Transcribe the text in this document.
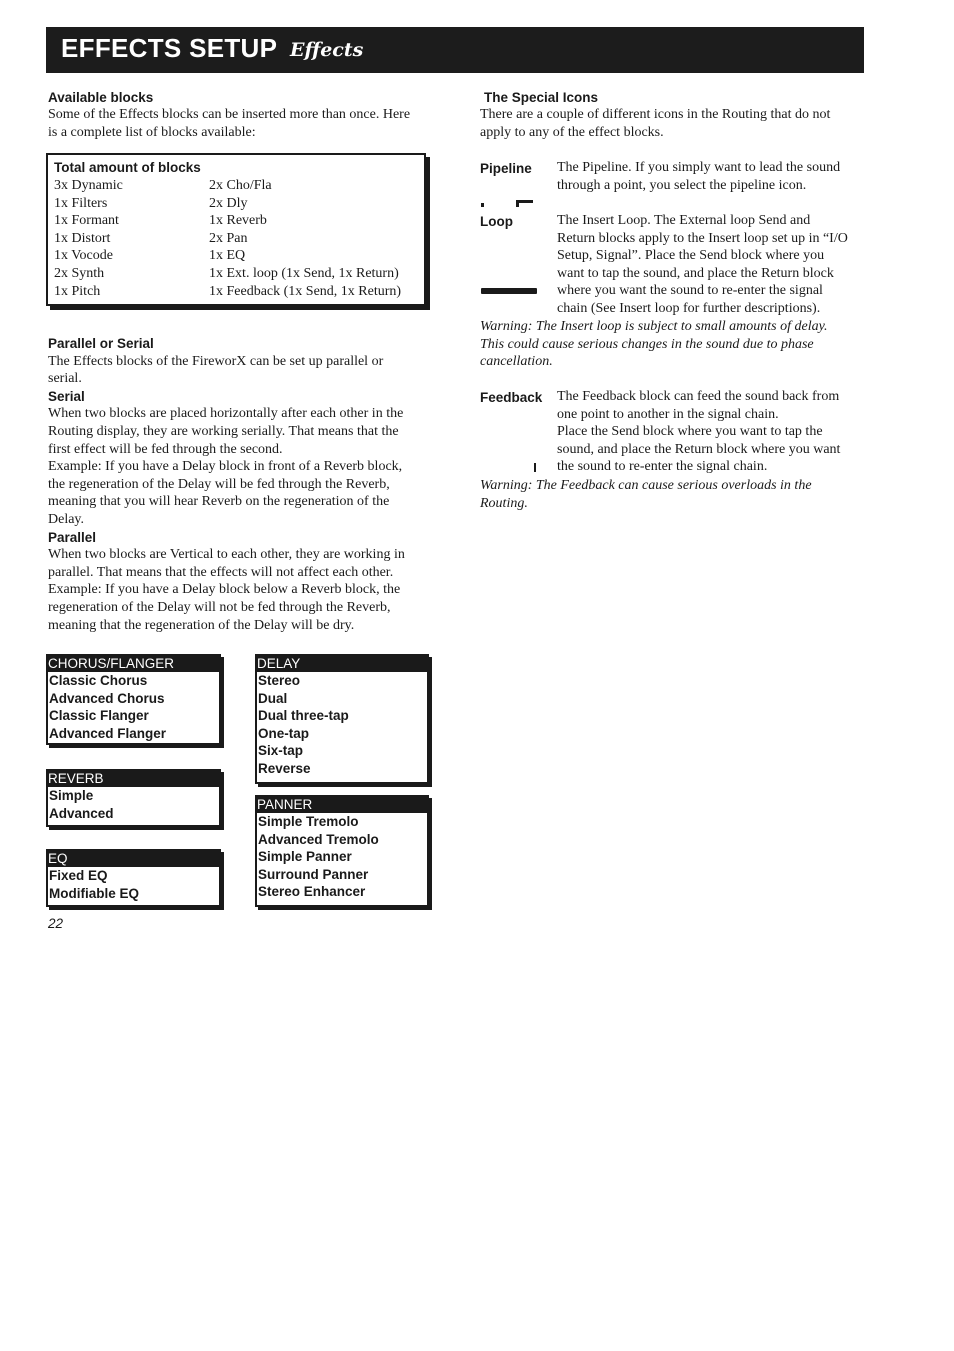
EFFECTS SETUP Effects
Available blocks
Some of the Effects blocks can be inserted more than once. Here
is a complete list of blocks available:
Total amount of blocks
3x Dynamic
1x Filters
1x Formant
1x Distort
1x Vocode
2x Synth
1x Pitch
2x Cho/Fla
2x Dly
1x Reverb
2x Pan
1x EQ
1x Ext. loop (1x Send, 1x Return)
1x Feedback (1x Send, 1x Return)
Parallel or Serial
The Effects blocks of the FireworX can be set up parallel or
serial.
Serial
When two blocks are placed horizontally after each other in the
Routing display, they are working serially. That means that the
first effect will be fed through the second.
Example: If you have a Delay block in front of a Reverb block,
the regeneration of the Delay will be fed through the Reverb,
meaning that you will hear Reverb on the regeneration of the
Delay.
Parallel
When two blocks are Vertical to each other, they are working in
parallel. That means that the effects will not affect each other.
Example: If you have a Delay block below a Reverb block, the
regeneration of the Delay will not be fed through the Reverb,
meaning that the regeneration of the Delay will be dry.
CHORUS/FLANGER
Classic Chorus
Advanced Chorus
Classic Flanger
Advanced Flanger
REVERB
Simple
Advanced
EQ
Fixed EQ
Modifiable EQ
DELAY
Stereo
Dual
Dual three-tap
One-tap
Six-tap
Reverse
PANNER
Simple Tremolo
Advanced Tremolo
Simple Panner
Surround Panner
Stereo Enhancer
22
The Special Icons
There are a couple of different icons in the Routing that do not
apply to any of the effect blocks.
Pipeline The Pipeline. If you simply want to lead the sound
through a point, you select the pipeline icon.
Loop	The Insert Loop. The External loop Send and
Return blocks apply to the Insert loop set up in “I/O
Setup, Signal”. Place the Send block where you
want to tap the sound, and place the Return block
where you want the sound to re-enter the signal
chain (See Insert loop for further descriptions).
Warning: The Insert loop is subject to small amounts of delay.
This could cause serious changes in the sound due to phase
cancellation.
Feedback The Feedback block can feed the sound back from
one point to another in the signal chain.
Place the Send block where you want to tap the
sound, and place the Return block where you want
the sound to re-enter the signal chain.
Warning: The Feedback can cause serious overloads in the
Routing.
